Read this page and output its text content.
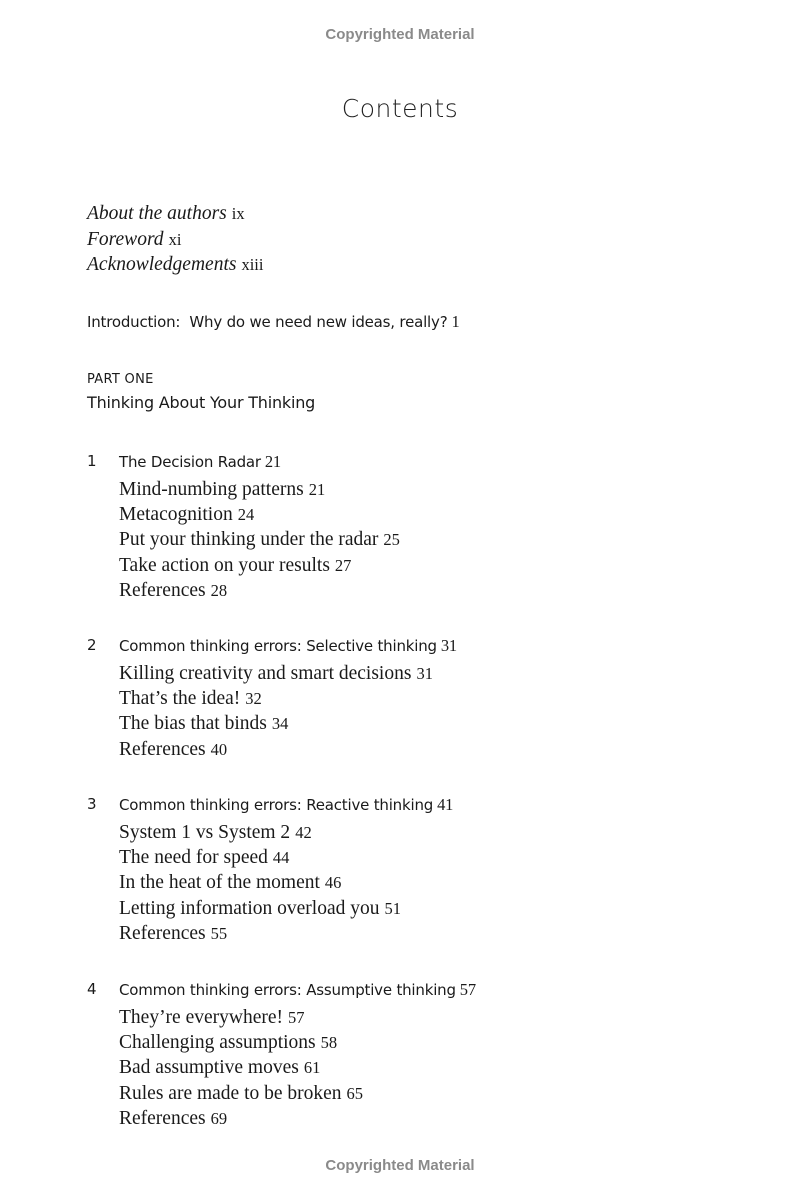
Copyrighted Material
Contents
About the authors ix
Foreword xi
Acknowledgements xiii
Introduction:  Why do we need new ideas, really? 1
PART ONE
Thinking About Your Thinking
1 The Decision Radar 21
Mind-numbing patterns 21
Metacognition 24
Put your thinking under the radar 25
Take action on your results 27
References 28
2 Common thinking errors: Selective thinking 31
Killing creativity and smart decisions 31
That’s the idea! 32
The bias that binds 34
References 40
3 Common thinking errors: Reactive thinking 41
System 1 vs System 2 42
The need for speed 44
In the heat of the moment 46
Letting information overload you 51
References 55
4 Common thinking errors: Assumptive thinking 57
They’re everywhere! 57
Challenging assumptions 58
Bad assumptive moves 61
Rules are made to be broken 65
References 69
Copyrighted Material
